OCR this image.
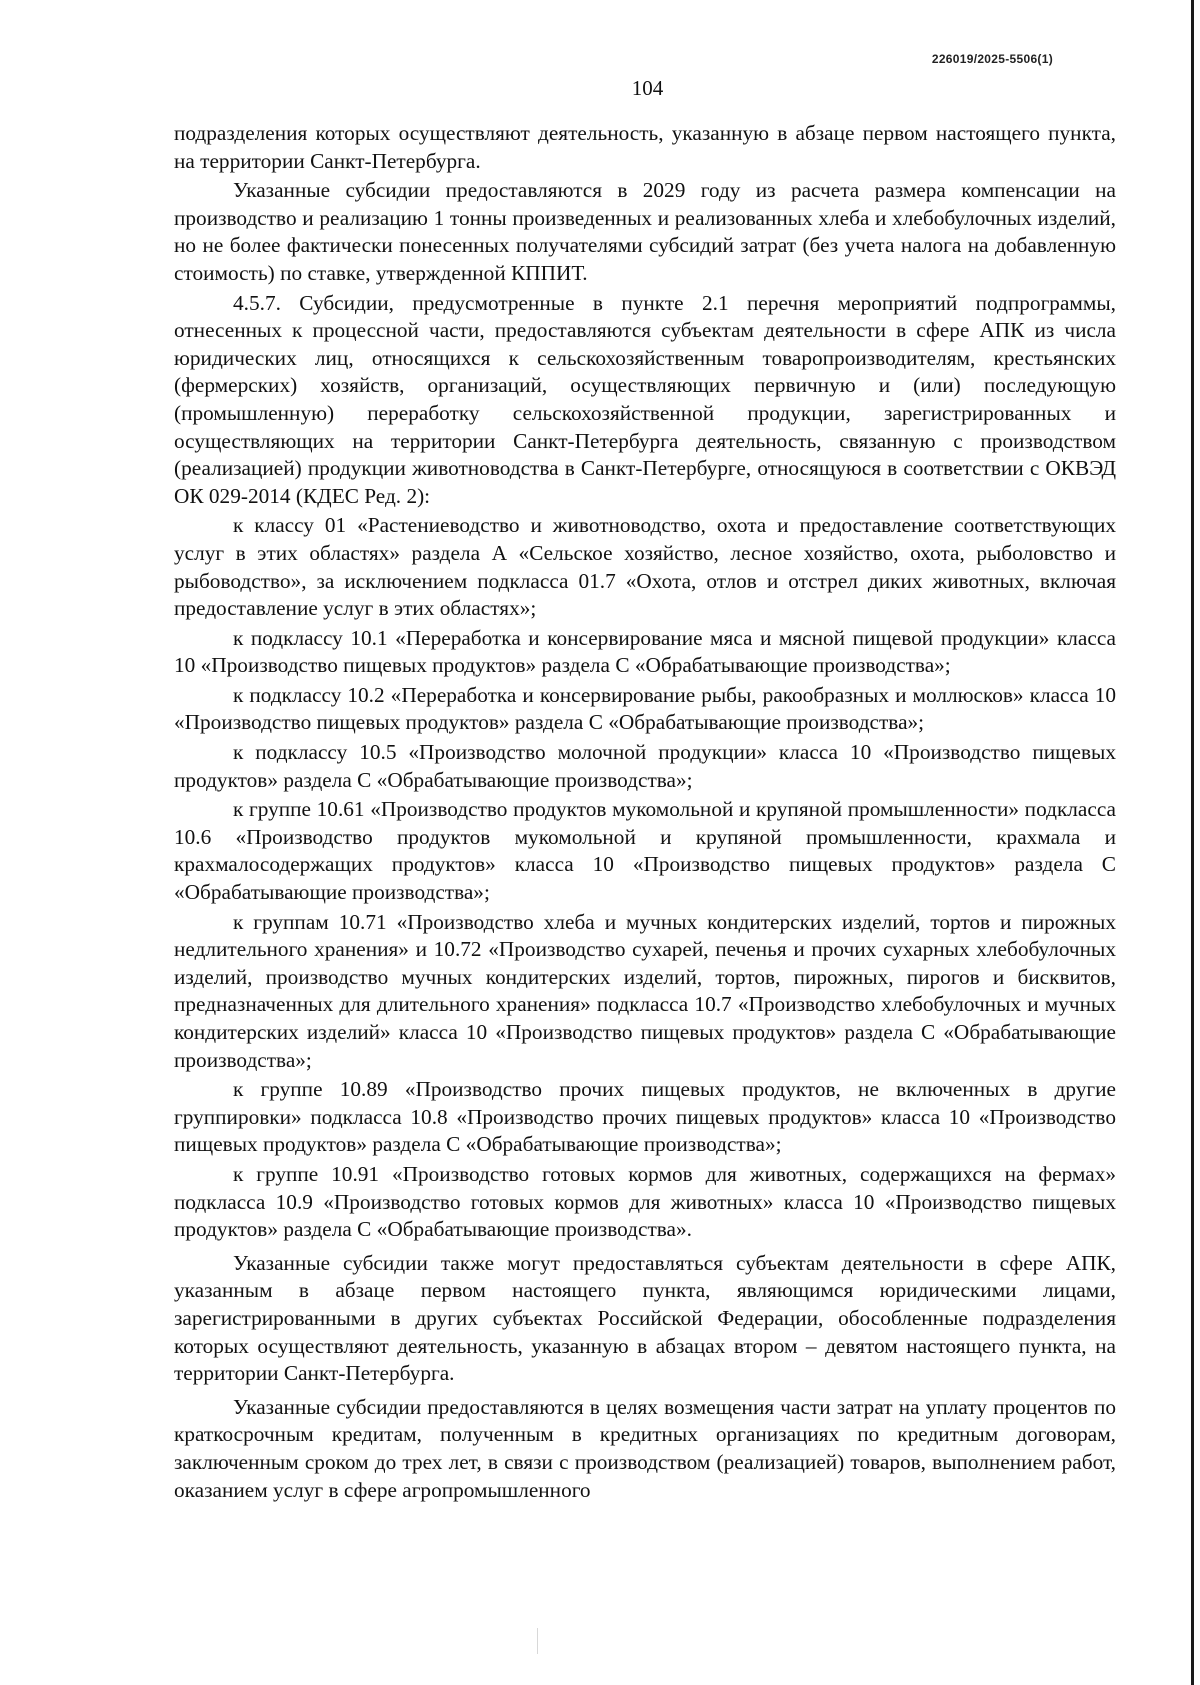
226019/2025-5506(1)
104

подразделения которых осуществляют деятельность, указанную в абзаце первом настоящего пункта, на территории Санкт-Петербурга.

Указанные субсидии предоставляются в 2029 году из расчета размера компенсации на производство и реализацию 1 тонны произведенных и реализованных хлеба и хлебобулочных изделий, но не более фактически понесенных получателями субсидий затрат (без учета налога на добавленную стоимость) по ставке, утвержденной КППИТ.

4.5.7. Субсидии, предусмотренные в пункте 2.1 перечня мероприятий подпрограммы, отнесенных к процессной части, предоставляются субъектам деятельности в сфере АПК из числа юридических лиц, относящихся к сельскохозяйственным товаропроизводителям, крестьянских (фермерских) хозяйств, организаций, осуществляющих первичную и (или) последующую (промышленную) переработку сельскохозяйственной продукции, зарегистрированных и осуществляющих на территории Санкт-Петербурга деятельность, связанную с производством (реализацией) продукции животноводства в Санкт-Петербурге, относящуюся в соответствии с ОКВЭД ОК 029-2014 (КДЕС Ред. 2):

к классу 01 «Растениеводство и животноводство, охота и предоставление соответствующих услуг в этих областях» раздела А «Сельское хозяйство, лесное хозяйство, охота, рыболовство и рыбоводство», за исключением подкласса 01.7 «Охота, отлов и отстрел диких животных, включая предоставление услуг в этих областях»;

к подклассу 10.1 «Переработка и консервирование мяса и мясной пищевой продукции» класса 10 «Производство пищевых продуктов» раздела С «Обрабатывающие производства»;

к подклассу 10.2 «Переработка и консервирование рыбы, ракообразных и моллюсков» класса 10 «Производство пищевых продуктов» раздела С «Обрабатывающие производства»;

к подклассу 10.5 «Производство молочной продукции» класса 10 «Производство пищевых продуктов» раздела С «Обрабатывающие производства»;

к группе 10.61 «Производство продуктов мукомольной и крупяной промышленности» подкласса 10.6 «Производство продуктов мукомольной и крупяной промышленности, крахмала и крахмалосодержащих продуктов» класса 10 «Производство пищевых продуктов» раздела С «Обрабатывающие производства»;

к группам 10.71 «Производство хлеба и мучных кондитерских изделий, тортов и пирожных недлительного хранения» и 10.72 «Производство сухарей, печенья и прочих сухарных хлебобулочных изделий, производство мучных кондитерских изделий, тортов, пирожных, пирогов и бисквитов, предназначенных для длительного хранения» подкласса 10.7 «Производство хлебобулочных и мучных кондитерских изделий» класса 10 «Производство пищевых продуктов» раздела С «Обрабатывающие производства»;

к группе 10.89 «Производство прочих пищевых продуктов, не включенных в другие группировки» подкласса 10.8 «Производство прочих пищевых продуктов» класса 10 «Производство пищевых продуктов» раздела С «Обрабатывающие производства»;

к группе 10.91 «Производство готовых кормов для животных, содержащихся на фермах» подкласса 10.9 «Производство готовых кормов для животных» класса 10 «Производство пищевых продуктов» раздела С «Обрабатывающие производства».

Указанные субсидии также могут предоставляться субъектам деятельности в сфере АПК, указанным в абзаце первом настоящего пункта, являющимся юридическими лицами, зарегистрированными в других субъектах Российской Федерации, обособленные подразделения которых осуществляют деятельность, указанную в абзацах втором – девятом настоящего пункта, на территории Санкт-Петербурга.

Указанные субсидии предоставляются в целях возмещения части затрат на уплату процентов по краткосрочным кредитам, полученным в кредитных организациях по кредитным договорам, заключенным сроком до трех лет, в связи с производством (реализацией) товаров, выполнением работ, оказанием услуг в сфере агропромышленного
